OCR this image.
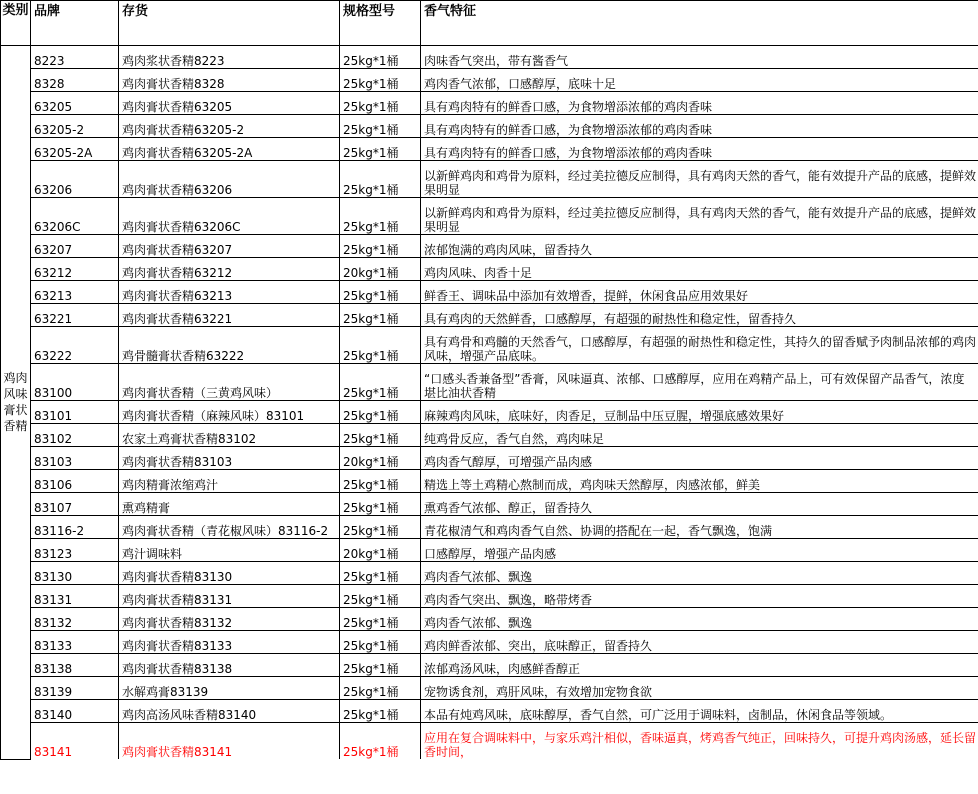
类别	品牌	存货	规格型号	香气特征
鸡肉风味膏状香精	8223	鸡肉浆状香精8223	25kg*1桶	肉味香气突出，带有酱香气
	8328	鸡肉膏状香精8328	25kg*1桶	鸡肉香气浓郁，口感醇厚，底味十足
	63205	鸡肉膏状香精63205	25kg*1桶	具有鸡肉特有的鲜香口感，为食物增添浓郁的鸡肉香味
	63205-2	鸡肉膏状香精63205-2	25kg*1桶	具有鸡肉特有的鲜香口感，为食物增添浓郁的鸡肉香味
	63205-2A	鸡肉膏状香精63205-2A	25kg*1桶	具有鸡肉特有的鲜香口感，为食物增添浓郁的鸡肉香味
	63206	鸡肉膏状香精63206	25kg*1桶	以新鲜鸡肉和鸡骨为原料，经过美拉德反应制得，具有鸡肉天然的香气，能有效提升产品的底感，提鲜效果明显
	63206C	鸡肉膏状香精63206C	25kg*1桶	以新鲜鸡肉和鸡骨为原料，经过美拉德反应制得，具有鸡肉天然的香气，能有效提升产品的底感，提鲜效果明显
	63207	鸡肉膏状香精63207	25kg*1桶	浓郁饱满的鸡肉风味，留香持久
	63212	鸡肉膏状香精63212	20kg*1桶	鸡肉风味、肉香十足
	63213	鸡肉膏状香精63213	25kg*1桶	鲜香王、调味品中添加有效增香，提鲜，休闲食品应用效果好
	63221	鸡肉膏状香精63221	25kg*1桶	具有鸡肉的天然鲜香，口感醇厚，有超强的耐热性和稳定性，留香持久
	63222	鸡骨髓膏状香精63222	25kg*1桶	具有鸡骨和鸡髓的天然香气，口感醇厚，有超强的耐热性和稳定性，其持久的留香赋予肉制品浓郁的鸡肉风味，增强产品底味。
	83100	鸡肉膏状香精（三黄鸡风味）	25kg*1桶	“口感头香兼备型”香膏，风味逼真、浓郁、口感醇厚，应用在鸡精产品上，可有效保留产品香气，浓度堪比油状香精
	83101	鸡肉膏状香精（麻辣风味）83101	25kg*1桶	麻辣鸡肉风味，底味好，肉香足，豆制品中压豆腥，增强底感效果好
	83102	农家土鸡膏状香精83102	25kg*1桶	纯鸡骨反应，香气自然，鸡肉味足
	83103	鸡肉膏状香精83103	20kg*1桶	鸡肉香气醇厚，可增强产品肉感
	83106	鸡肉精膏浓缩鸡汁	25kg*1桶	精选上等土鸡精心熬制而成，鸡肉味天然醇厚，肉感浓郁，鲜美
	83107	熏鸡精膏	25kg*1桶	熏鸡香气浓郁、醇正，留香持久
	83116-2	鸡肉膏状香精（青花椒风味）83116-2	25kg*1桶	青花椒清气和鸡肉香气自然、协调的搭配在一起，香气飘逸，饱满
	83123	鸡汁调味料	20kg*1桶	口感醇厚，增强产品肉感
	83130	鸡肉膏状香精83130	25kg*1桶	鸡肉香气浓郁、飘逸
	83131	鸡肉膏状香精83131	25kg*1桶	鸡肉香气突出、飘逸，略带烤香
	83132	鸡肉膏状香精83132	25kg*1桶	鸡肉香气浓郁、飘逸
	83133	鸡肉膏状香精83133	25kg*1桶	鸡肉鲜香浓郁、突出，底味醇正，留香持久
	83138	鸡肉膏状香精83138	25kg*1桶	浓郁鸡汤风味，肉感鲜香醇正
	83139	水解鸡膏83139	25kg*1桶	宠物诱食剂，鸡肝风味，有效增加宠物食欲
	83140	鸡肉高汤风味香精83140	25kg*1桶	本品有炖鸡风味，底味醇厚，香气自然，可广泛用于调味料，卤制品，休闲食品等领域。
	83141	鸡肉膏状香精83141	25kg*1桶	应用在复合调味料中，与家乐鸡汁相似，香味逼真，烤鸡香气纯正，回味持久，可提升鸡肉汤感，延长留香时间，
